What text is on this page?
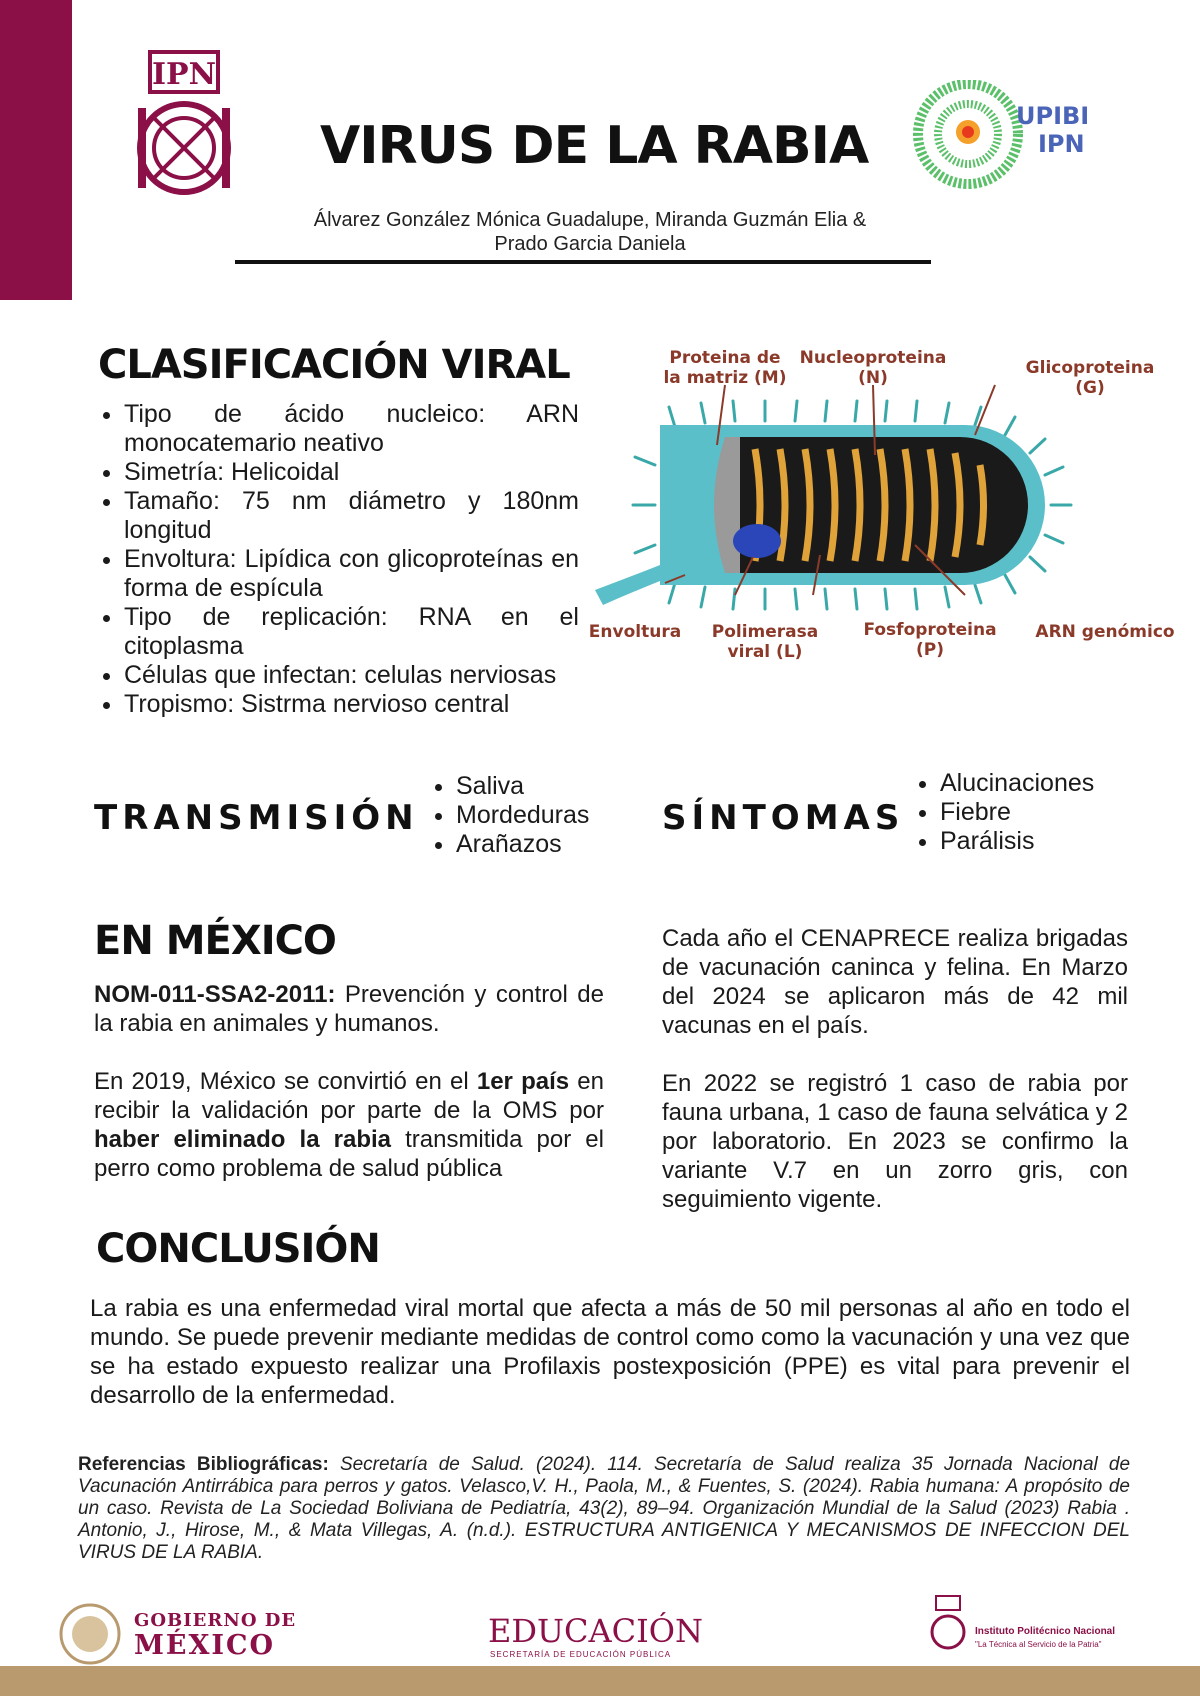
IPN
VIRUS DE LA RABIA	UPIBI
IPN
Álvarez González Mónica Guadalupe, Miranda Guzmán Elia &
Prado Garcia Daniela
CLASIFICACIÓN VIRAL
• Tipo de ácido nucleico: ARN monocatemario neativo
• Simetría: Helicoidal
• Tamaño: 75 nm diámetro y 180nm longitud
• Envoltura: Lipídica con glicoproteínas en forma de espícula
• Tipo de replicación: RNA en el citoplasma
• Células que infectan: celulas nerviosas
• Tropismo: Sistrma nervioso central
Proteina de
la matriz (M)
Nucleoproteina
(N)	Glicoproteina
(G)
Envoltura Polimerasa
viral (L)
Fosfoproteina
(P)
ARN genómico
TRANSMISIÓN
• Saliva
• Mordeduras
• Arañazos
SÍNTOMAS
• Alucinaciones
• Fiebre
• Parálisis
EN MÉXICO

NOM-011-SSA2-2011: Prevención y control de la rabia en animales y humanos.

En 2019, México se convirtió en el 1er país en recibir la validación por parte de la OMS por haber eliminado la rabia transmitida por el perro como problema de salud pública

Cada año el CENAPRECE realiza brigadas de vacunación caninca y felina. En Marzo del 2024 se aplicaron más de 42 mil vacunas en el país.

En 2022 se registró 1 caso de rabia por fauna urbana, 1 caso de fauna selvática y 2 por laboratorio. En 2023 se confirmo la variante V.7 en un zorro gris, con seguimiento vigente.

CONCLUSIÓN

La rabia es una enfermedad viral mortal que afecta a más de 50 mil personas al año en todo el mundo. Se puede prevenir mediante medidas de control como como la vacunación y una vez que se ha estado expuesto realizar una Profilaxis postexposición (PPE) es vital para prevenir el desarrollo de la enfermedad.

Referencias Bibliográficas: Secretaría de Salud. (2024). 114. Secretaría de Salud realiza 35 Jornada Nacional de Vacunación Antirrábica para perros y gatos. Velasco,V. H., Paola, M., & Fuentes, S. (2024). Rabia humana: A propósito de un caso. Revista de La Sociedad Boliviana de Pediatría, 43(2), 89–94. Organización Mundial de la Salud (2023) Rabia . Antonio, J., Hirose, M., & Mata Villegas, A. (n.d.). ESTRUCTURA ANTIGENICA Y MECANISMOS DE INFECCION DEL VIRUS DE LA RABIA.

GOBIERNO DE
MÉXICO	EDUCACIÓN
SECRETARÍA DE EDUCACIÓN PÚBLICA
Instituto Politécnico Nacional
"La Técnica al Servicio de la Patria"
